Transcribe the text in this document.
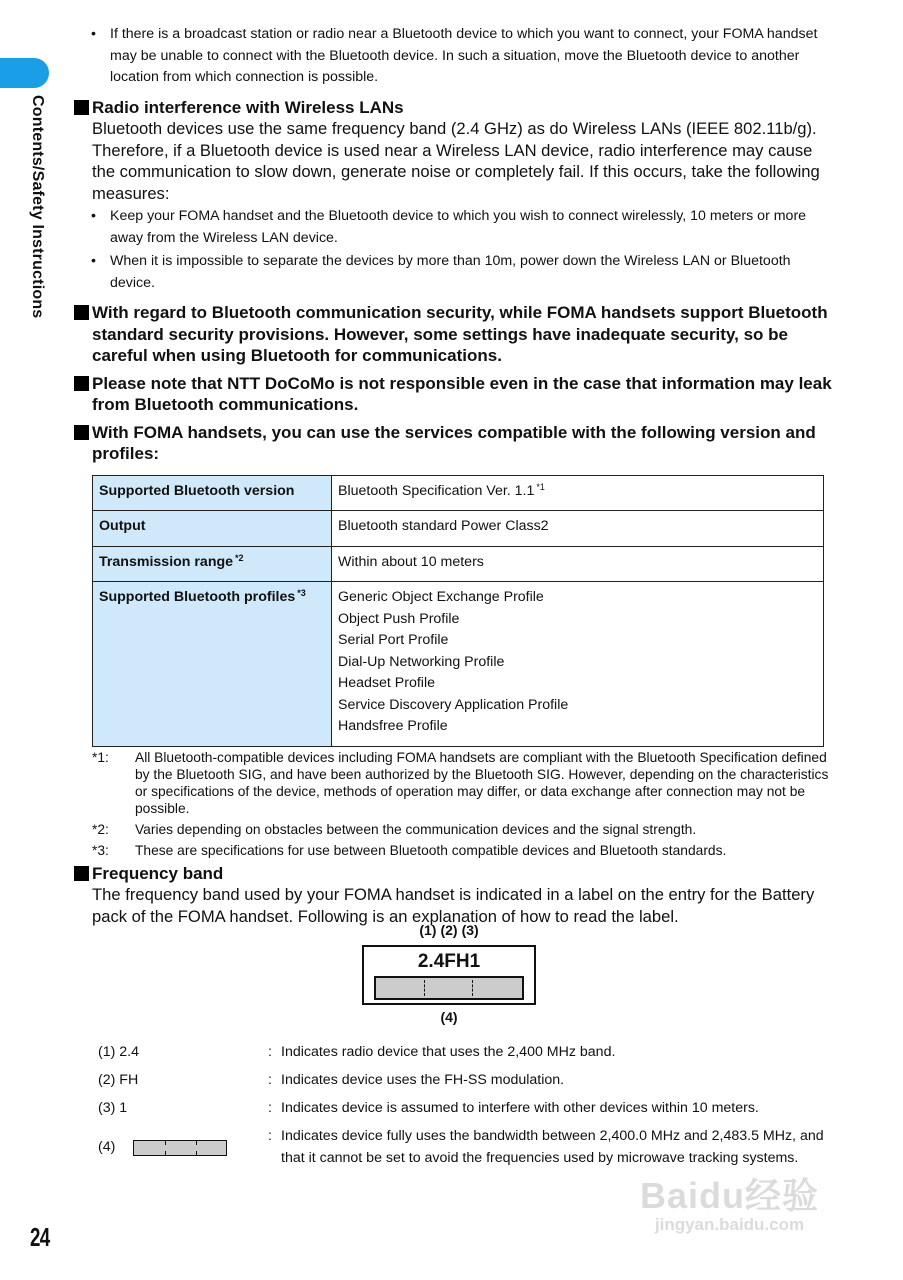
Contents/Safety Instructions
• If there is a broadcast station or radio near a Bluetooth device to which you want to connect, your FOMA handset may be unable to connect with the Bluetooth device. In such a situation, move the Bluetooth device to another location from which connection is possible.
Radio interference with Wireless LANs
Bluetooth devices use the same frequency band (2.4 GHz) as do Wireless LANs (IEEE 802.11b/g). Therefore, if a Bluetooth device is used near a Wireless LAN device, radio interference may cause the communication to slow down, generate noise or completely fail. If this occurs, take the following measures:
• Keep your FOMA handset and the Bluetooth device to which you wish to connect wirelessly, 10 meters or more away from the Wireless LAN device.
• When it is impossible to separate the devices by more than 10m, power down the Wireless LAN or Bluetooth device.
With regard to Bluetooth communication security, while FOMA handsets support Bluetooth standard security provisions. However, some settings have inadequate security, so be careful when using Bluetooth for communications.
Please note that NTT DoCoMo is not responsible even in the case that information may leak from Bluetooth communications.
With FOMA handsets, you can use the services compatible with the following version and profiles:
Supported Bluetooth version	Bluetooth Specification Ver. 1.1 $^{*1}$
Output	Bluetooth standard Power Class2
Transmission range $^{*2}$	Within about 10 meters
Supported Bluetooth profiles $^{*3}$	Generic Object Exchange Profile
Object Push Profile
Serial Port Profile
Dial-Up Networking Profile
Headset Profile
Service Discovery Application Profile
Handsfree Profile
*1:	All Bluetooth-compatible devices including FOMA handsets are compliant with the Bluetooth Specification defined by the Bluetooth SIG, and have been authorized by the Bluetooth SIG. However, depending on the characteristics or specifications of the device, methods of operation may differ, or data exchange after connection may not be possible.
*2:	Varies depending on obstacles between the communication devices and the signal strength.
*3:	These are specifications for use between Bluetooth compatible devices and Bluetooth standards.
Frequency band
The frequency band used by your FOMA handset is indicated in a label on the entry for the Battery pack of the FOMA handset. Following is an explanation of how to read the label.
(1) (2) (3)
2.4FH1
(4)
(1) 2.4	: Indicates radio device that uses the 2,400 MHz band.
(2) FH	: Indicates device uses the FH-SS modulation.
(3) 1	: Indicates device is assumed to interfere with other devices within 10 meters.
(4)
: Indicates device fully uses the bandwidth between 2,400.0 MHz and 2,483.5 MHz, and that it cannot be set to avoid the frequencies used by microwave tracking systems.
24
Baidu经验
jingyan.baidu.com
